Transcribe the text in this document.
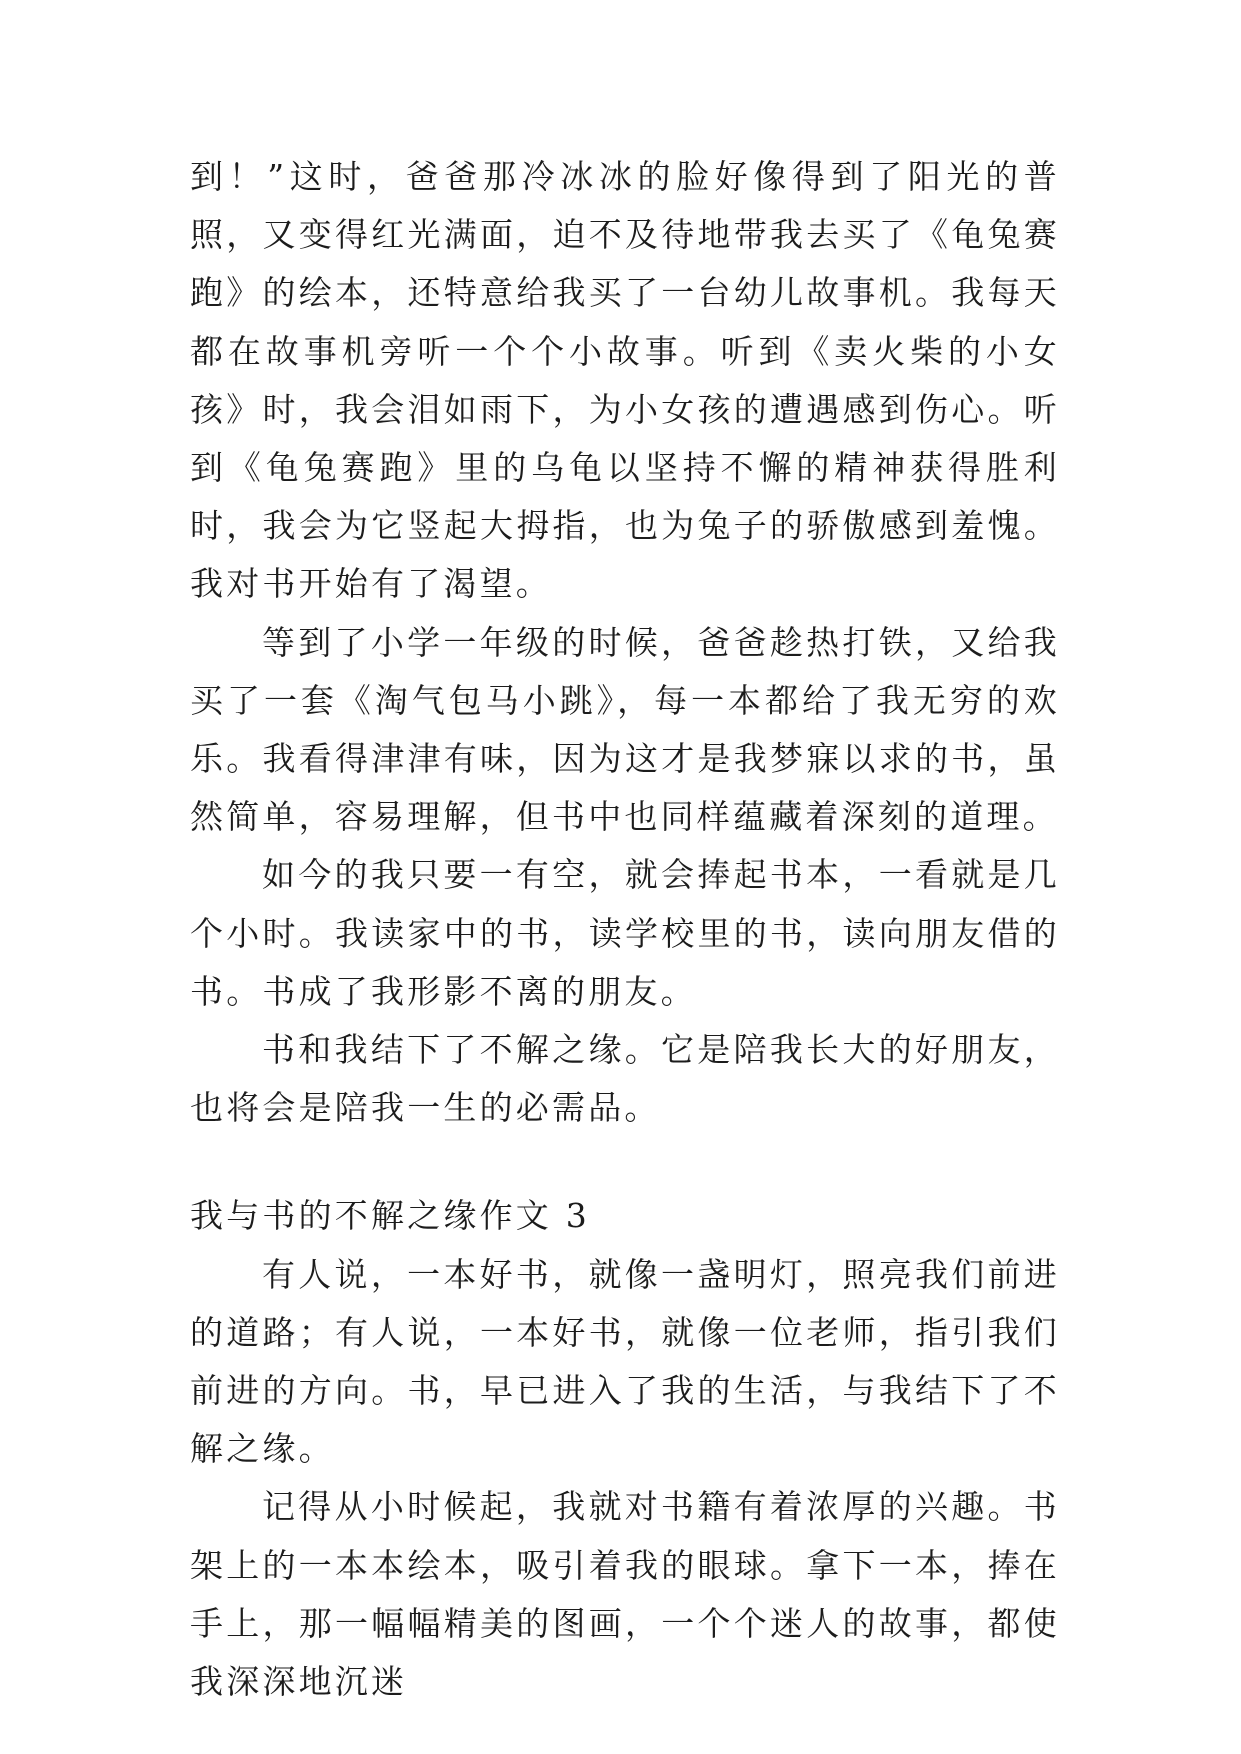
到！”这时，爸爸那冷冰冰的脸好像得到了阳光的普照，又变得红光满面，迫不及待地带我去买了《龟兔赛跑》的绘本，还特意给我买了一台幼儿故事机。我每天都在故事机旁听一个个小故事。听到《卖火柴的小女孩》时，我会泪如雨下，为小女孩的遭遇感到伤心。听到《龟兔赛跑》里的乌龟以坚持不懈的精神获得胜利时，我会为它竖起大拇指，也为兔子的骄傲感到羞愧。我对书开始有了渴望。

等到了小学一年级的时候，爸爸趁热打铁，又给我买了一套《淘气包马小跳》，每一本都给了我无穷的欢乐。我看得津津有味，因为这才是我梦寐以求的书，虽然简单，容易理解，但书中也同样蕴藏着深刻的道理。

如今的我只要一有空，就会捧起书本，一看就是几个小时。我读家中的书，读学校里的书，读向朋友借的书。书成了我形影不离的朋友。

书和我结下了不解之缘。它是陪我长大的好朋友，也将会是陪我一生的必需品。

我与书的不解之缘作文 3

有人说，一本好书，就像一盏明灯，照亮我们前进的道路；有人说，一本好书，就像一位老师，指引我们前进的方向。书，早已进入了我的生活，与我结下了不解之缘。

记得从小时候起，我就对书籍有着浓厚的兴趣。书架上的一本本绘本，吸引着我的眼球。拿下一本，捧在手上，那一幅幅精美的图画，一个个迷人的故事，都使我深深地沉迷
